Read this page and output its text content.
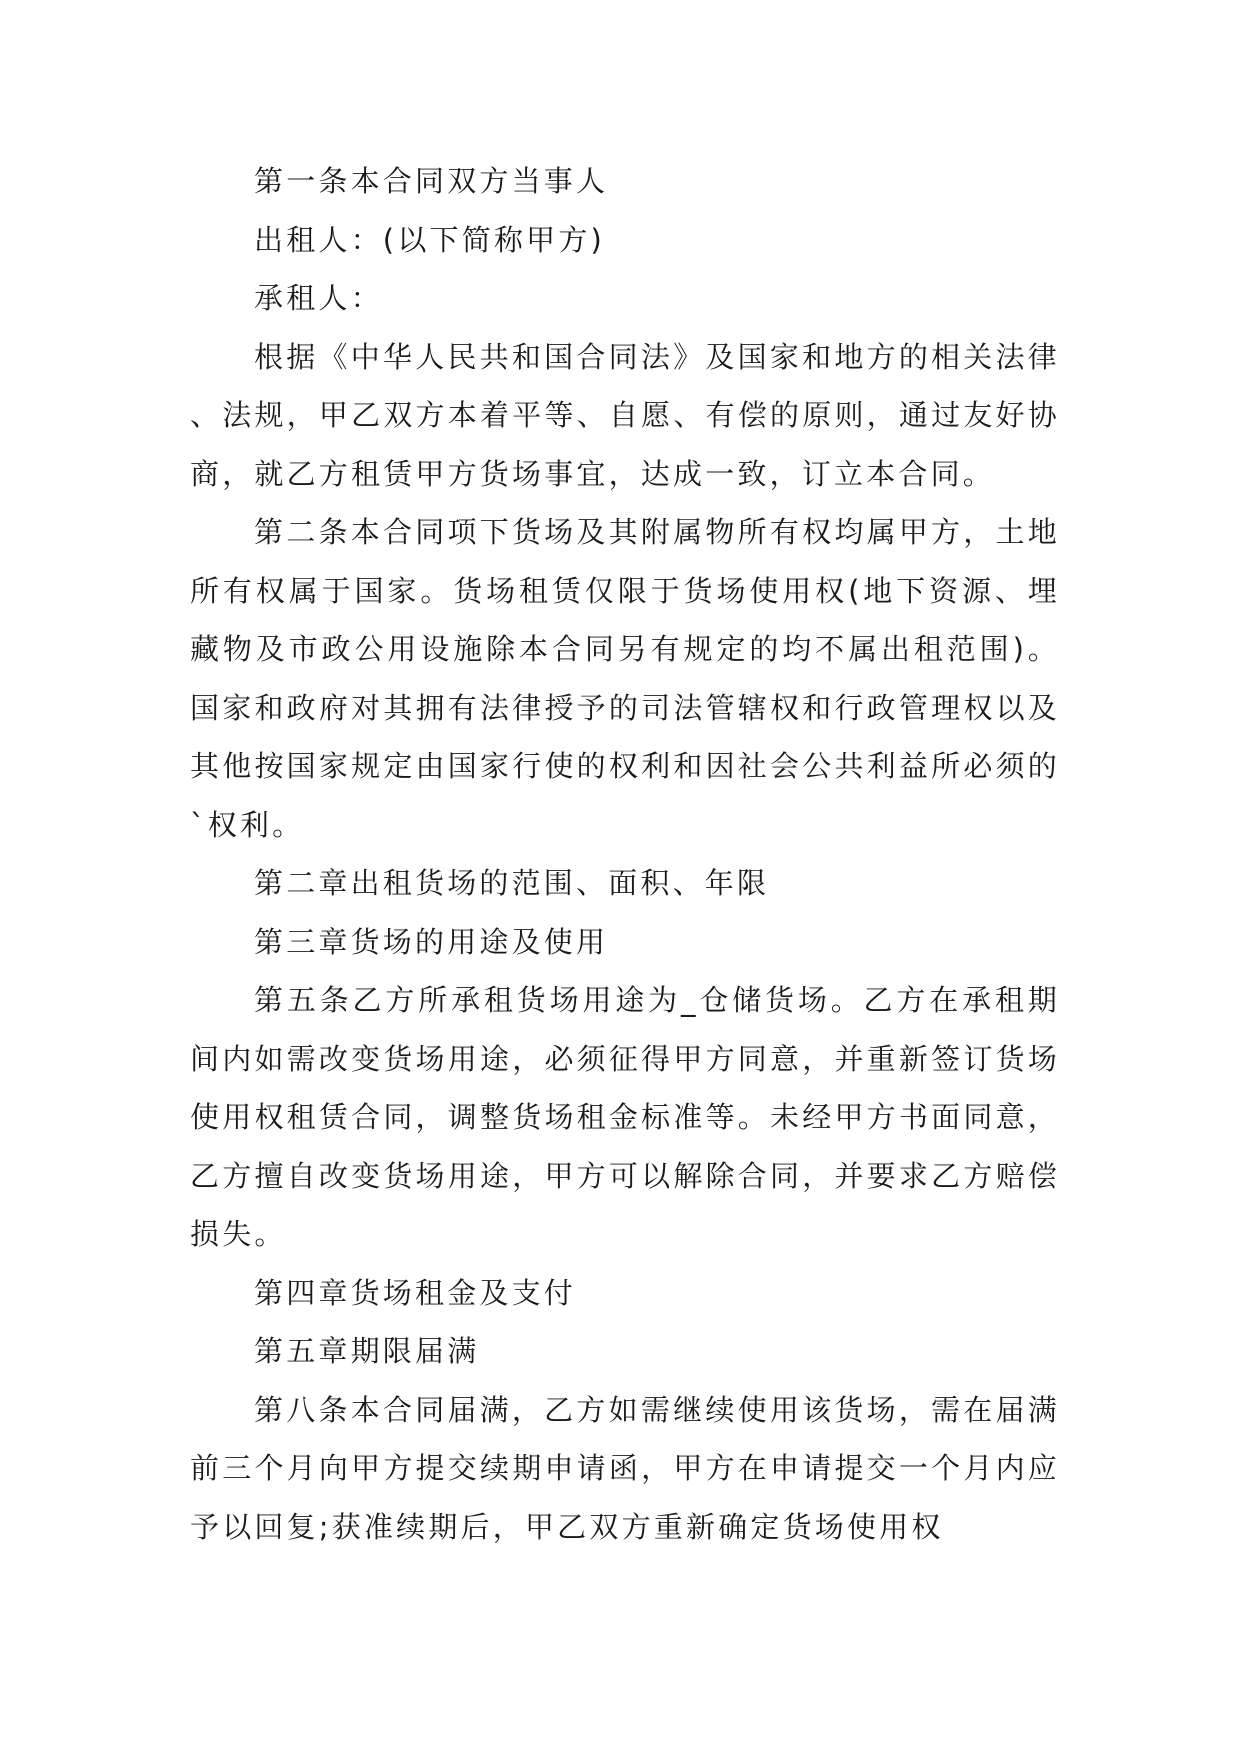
第一条本合同双方当事人

出租人：(以下简称甲方)

承租人：

根据《中华人民共和国合同法》及国家和地方的相关法律、法规，甲乙双方本着平等、自愿、有偿的原则，通过友好协商，就乙方租赁甲方货场事宜，达成一致，订立本合同。

第二条本合同项下货场及其附属物所有权均属甲方，土地所有权属于国家。货场租赁仅限于货场使用权(地下资源、埋藏物及市政公用设施除本合同另有规定的均不属出租范围)。国家和政府对其拥有法律授予的司法管辖权和行政管理权以及其他按国家规定由国家行使的权利和因社会公共利益所必须的`权利。

第二章出租货场的范围、面积、年限

第三章货场的用途及使用

第五条乙方所承租货场用途为_仓储货场。乙方在承租期间内如需改变货场用途，必须征得甲方同意，并重新签订货场使用权租赁合同，调整货场租金标准等。未经甲方书面同意，乙方擅自改变货场用途，甲方可以解除合同，并要求乙方赔偿损失。

第四章货场租金及支付

第五章期限届满

第八条本合同届满，乙方如需继续使用该货场，需在届满前三个月向甲方提交续期申请函，甲方在申请提交一个月内应予以回复;获准续期后，甲乙双方重新确定货场使用权
